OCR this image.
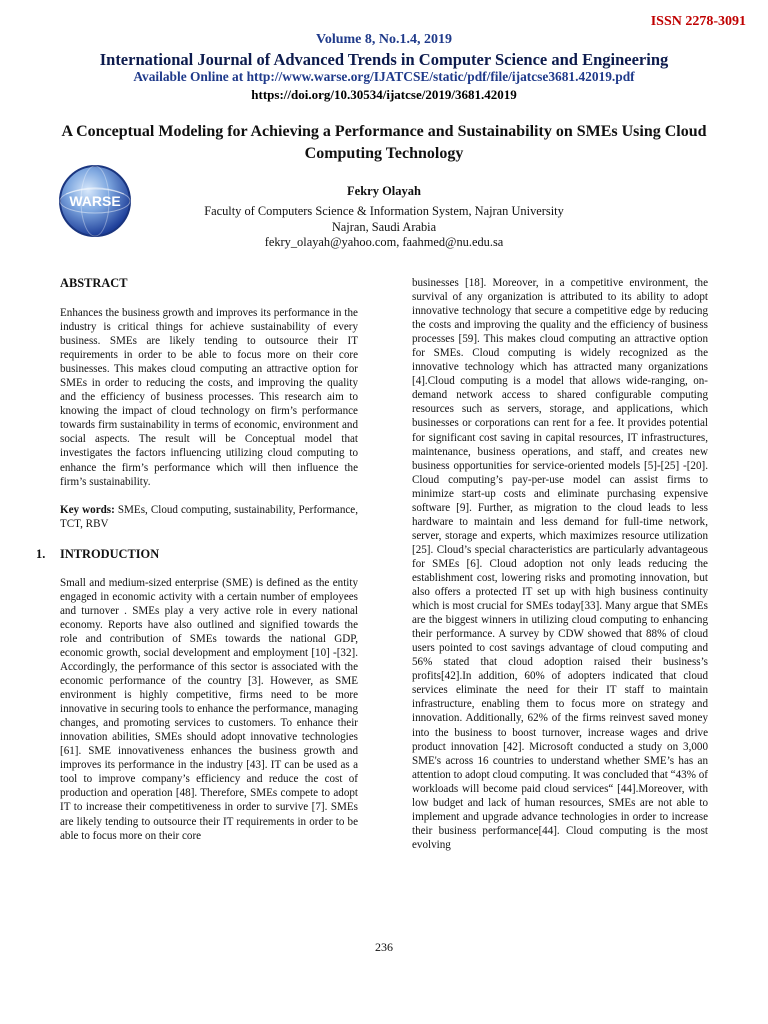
ISSN 2278-3091
Volume 8, No.1.4, 2019
International Journal of Advanced Trends in Computer Science and Engineering
Available Online at http://www.warse.org/IJATCSE/static/pdf/file/ijatcse3681.42019.pdf
https://doi.org/10.30534/ijatcse/2019/3681.42019
A Conceptual Modeling for Achieving a Performance and Sustainability on SMEs Using Cloud Computing Technology
WARSE
Fekry Olayah
Faculty of Computers Science & Information System, Najran University
Najran, Saudi Arabia
fekry_olayah@yahoo.com, faahmed@nu.edu.sa
ABSTRACT
Enhances the business growth and improves its performance in the industry is critical things for achieve sustainability of every business. SMEs are likely tending to outsource their IT requirements in order to be able to focus more on their core businesses. This makes cloud computing an attractive option for SMEs in order to reducing the costs, and improving the quality and the efficiency of business processes. This research aim to knowing the impact of cloud technology on firm’s performance towards firm sustainability in terms of economic, environment and social aspects. The result will be Conceptual model that investigates the factors influencing utilizing cloud computing to enhance the firm’s performance which will then influence the firm’s sustainability.
Key words: SMEs, Cloud computing, sustainability, Performance, TCT, RBV
1.	INTRODUCTION
Small and medium-sized enterprise (SME) is defined as the entity engaged in economic activity with a certain number of employees and turnover . SMEs play a very active role in every national economy. Reports have also outlined and signified towards the role and contribution of SMEs towards the national GDP, economic growth, social development and employment [10] -[32]. Accordingly, the performance of this sector is associated with the economic performance of the country [3]. However, as SME environment is highly competitive, firms need to be more innovative in securing tools to enhance the performance, managing changes, and promoting services to customers. To enhance their innovation abilities, SMEs should adopt innovative technologies [61]. SME innovativeness enhances the business growth and improves its performance in the industry [43]. IT can be used as a tool to improve company’s efficiency and reduce the cost of production and operation [48]. Therefore, SMEs compete to adopt IT to increase their competitiveness in order to survive [7]. SMEs are likely tending to outsource their IT requirements in order to be able to focus more on their core
businesses [18]. Moreover, in a competitive environment, the survival of any organization is attributed to its ability to adopt innovative technology that secure a competitive edge by reducing the costs and improving the quality and the efficiency of business processes [59]. This makes cloud computing an attractive option for SMEs. Cloud computing is widely recognized as the innovative technology which has attracted many organizations [4].Cloud computing is a model that allows wide-ranging, on-demand network access to shared configurable computing resources such as servers, storage, and applications, which businesses or corporations can rent for a fee. It provides potential for significant cost saving in capital resources, IT infrastructures, maintenance, business operations, and staff, and creates new business opportunities for service-oriented models [5]-[25] -[20]. Cloud computing’s pay-per-use model can assist firms to minimize start-up costs and eliminate purchasing expensive software [9]. Further, as migration to the cloud leads to less hardware to maintain and less demand for full-time network, server, storage and experts, which maximizes resource utilization [25]. Cloud’s special characteristics are particularly advantageous for SMEs [6]. Cloud adoption not only leads reducing the establishment cost, lowering risks and promoting innovation, but also offers a protected IT set up with high business continuity which is most crucial for SMEs today[33]. Many argue that SMEs are the biggest winners in utilizing cloud computing to enhancing their performance. A survey by CDW showed that 88% of cloud users pointed to cost savings advantage of cloud computing and 56% stated that cloud adoption raised their business’s profits[42].In addition, 60% of adopters indicated that cloud services eliminate the need for their IT staff to maintain infrastructure, enabling them to focus more on strategy and innovation. Additionally, 62% of the firms reinvest saved money into the business to boost turnover, increase wages and drive product innovation [42]. Microsoft conducted a study on 3,000 SME's across 16 countries to understand whether SME’s has an attention to adopt cloud computing. It was concluded that “43% of workloads will become paid cloud services“ [44].Moreover, with low budget and lack of human resources, SMEs are not able to implement and upgrade advance technologies in order to increase their business performance[44]. Cloud computing is the most evolving
236
